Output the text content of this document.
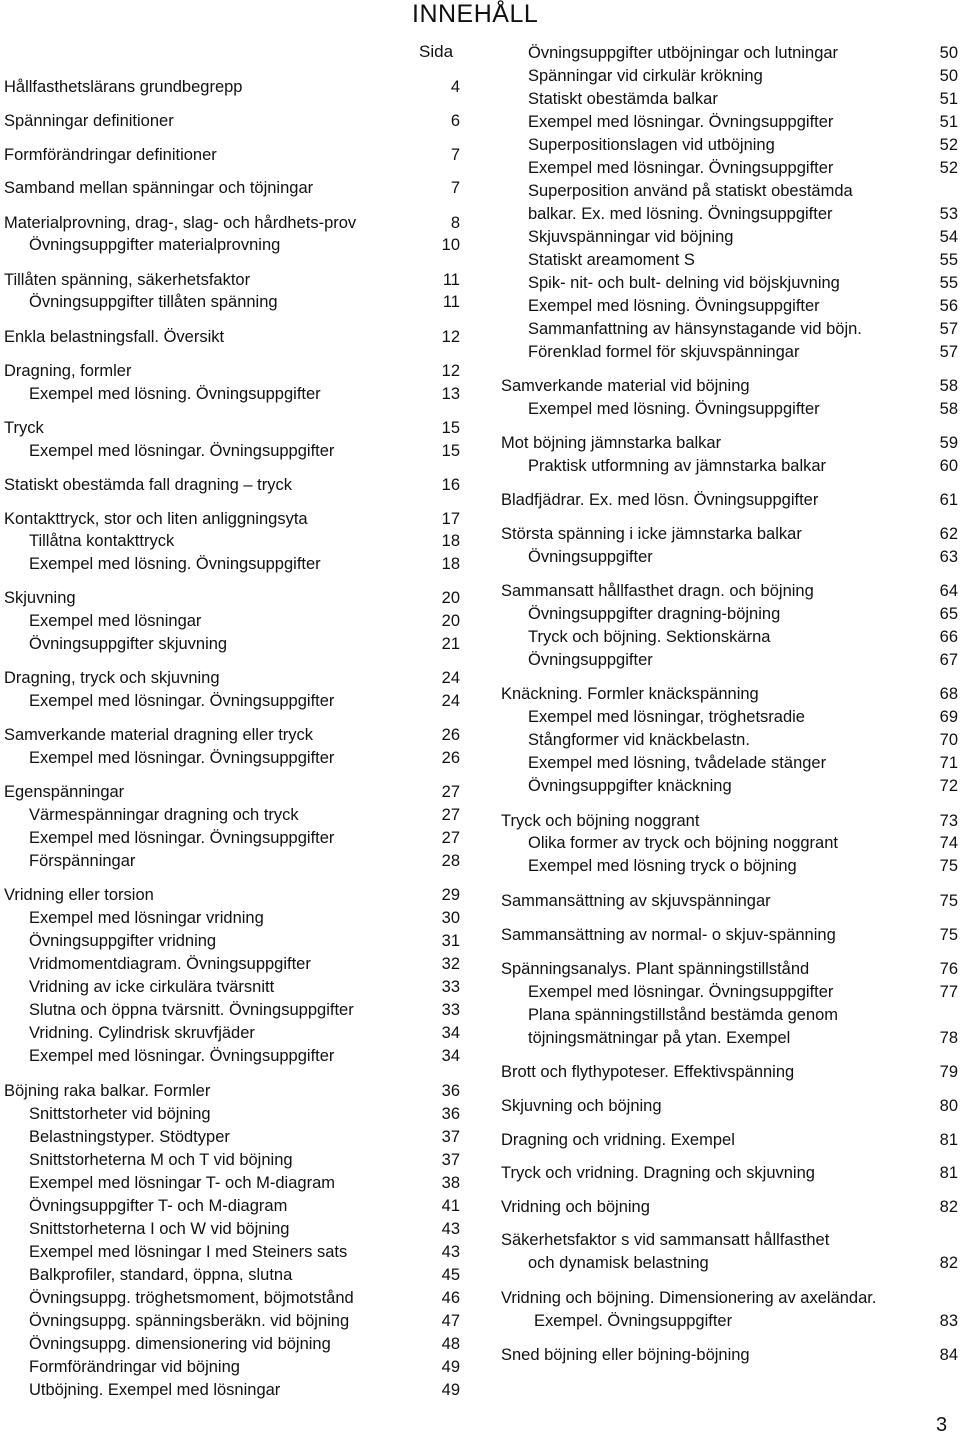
INNEHÅLL
Sida
Hållfasthetslärans grundbegrepp	4
Spänningar definitioner	6
Formförändringar definitioner	7
Samband mellan spänningar och töjningar	7
Materialprovning, drag-, slag- och hårdhets-prov	8
Övningsuppgifter materialprovning	10
Tillåten spänning, säkerhetsfaktor	11
Övningsuppgifter tillåten spänning	11
Enkla belastningsfall. Översikt	12
Dragning, formler	12
Exempel med lösning. Övningsuppgifter	13
Tryck	15
Exempel med lösningar. Övningsuppgifter	15
Statiskt obestämda fall dragning – tryck	16
Kontakttryck, stor och liten anliggningsyta	17
Tillåtna kontakttryck	18
Exempel med lösning. Övningsuppgifter	18
Skjuvning	20
Exempel med lösningar	20
Övningsuppgifter skjuvning	21
Dragning, tryck och skjuvning	24
Exempel med lösningar. Övningsuppgifter	24
Samverkande material dragning eller tryck	26
Exempel med lösningar. Övningsuppgifter	26
Egenspänningar	27
Värmespänningar dragning och tryck	27
Exempel med lösningar. Övningsuppgifter	27
Förspänningar	28
Vridning eller torsion	29
Exempel med lösningar vridning	30
Övningsuppgifter vridning	31
Vridmomentdiagram. Övningsuppgifter	32
Vridning av icke cirkulära tvärsnitt	33
Slutna och öppna tvärsnitt. Övningsuppgifter	33
Vridning. Cylindrisk skruvfjäder	34
Exempel med lösningar. Övningsuppgifter	34
Böjning raka balkar. Formler	36
Snittstorheter vid böjning	36
Belastningstyper. Stödtyper	37
Snittstorheterna M och T vid böjning	37
Exempel med lösningar T- och M-diagram	38
Övningsuppgifter T- och M-diagram	41
Snittstorheterna I och W vid böjning	43
Exempel med lösningar I med Steiners sats	43
Balkprofiler, standard, öppna, slutna	45
Övningsuppg. tröghetsmoment, böjmotstånd	46
Övningsuppg. spänningsberäkn. vid böjning	47
Övningsuppg. dimensionering vid böjning	48
Formförändringar vid böjning	49
Utböjning. Exempel med lösningar	49
Övningsuppgifter utböjningar och lutningar	50
Spänningar vid cirkulär krökning	50
Statiskt obestämda balkar	51
Exempel med lösningar. Övningsuppgifter	51
Superpositionslagen vid utböjning	52
Exempel med lösningar. Övningsuppgifter	52
Superposition använd på statiskt obestämda
balkar. Ex. med lösning. Övningsuppgifter	53
Skjuvspänningar vid böjning	54
Statiskt areamoment S	55
Spik- nit- och bult- delning vid böjskjuvning	55
Exempel med lösning. Övningsuppgifter	56
Sammanfattning av hänsynstagande vid böjn.	57
Förenklad formel för skjuvspänningar	57
Samverkande material vid böjning	58
Exempel med lösning. Övningsuppgifter	58
Mot böjning jämnstarka balkar	59
Praktisk utformning av jämnstarka balkar	60
Bladfjädrar. Ex. med lösn. Övningsuppgifter	61
Största spänning i icke jämnstarka balkar	62
Övningsuppgifter	63
Sammansatt hållfasthet dragn. och böjning	64
Övningsuppgifter dragning-böjning	65
Tryck och böjning. Sektionskärna	66
Övningsuppgifter	67
Knäckning. Formler knäckspänning	68
Exempel med lösningar, tröghetsradie	69
Stångformer vid knäckbelastn.	70
Exempel med lösning, tvådelade stänger	71
Övningsuppgifter knäckning	72
Tryck och böjning noggrant	73
Olika former av tryck och böjning noggrant	74
Exempel med lösning tryck o böjning	75
Sammansättning av skjuvspänningar	75
Sammansättning av normal- o skjuv-spänning	75
Spänningsanalys. Plant spänningstillstånd	76
Exempel med lösningar. Övningsuppgifter	77
Plana spänningstillstånd bestämda genom
töjningsmätningar på ytan. Exempel	78
Brott och flythypoteser. Effektivspänning	79
Skjuvning och böjning	80
Dragning och vridning. Exempel	81
Tryck och vridning. Dragning och skjuvning	81
Vridning och böjning	82
Säkerhetsfaktor s vid sammansatt hållfasthet
och dynamisk belastning	82
Vridning och böjning. Dimensionering av axeländar.
Exempel. Övningsuppgifter	83
Sned böjning eller böjning-böjning	84
3
